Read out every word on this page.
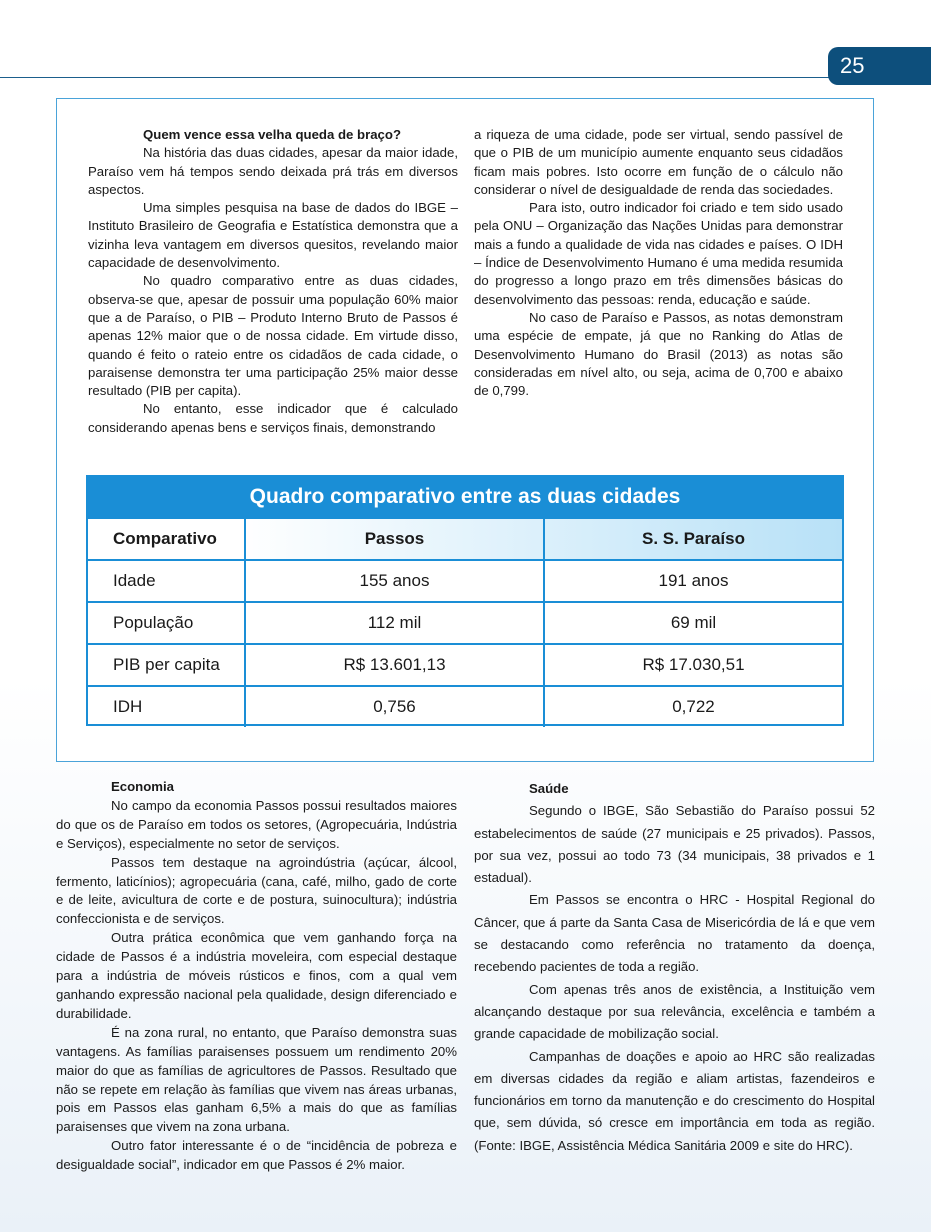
25

Quem vence essa velha queda de braço?

Na história das duas cidades, apesar da maior idade, Paraíso vem há tempos sendo deixada prá trás em diversos aspectos.

Uma simples pesquisa na base de dados do IBGE – Instituto Brasileiro de Geografia e Estatística demonstra que a vizinha leva vantagem em diversos quesitos, revelando maior capacidade de desenvolvimento.

No quadro comparativo entre as duas cidades, observa-se que, apesar de possuir uma população 60% maior que a de Paraíso, o PIB – Produto Interno Bruto de Passos é apenas 12% maior que o de nossa cidade. Em virtude disso, quando é feito o rateio entre os cidadãos de cada cidade, o paraisense demonstra ter uma participação 25% maior desse resultado (PIB per capita).

No entanto, esse indicador que é calculado considerando apenas bens e serviços finais, demonstrando

a riqueza de uma cidade, pode ser virtual, sendo passível de que o PIB de um município aumente enquanto seus cidadãos ficam mais pobres. Isto ocorre em função de o cálculo não considerar o nível de desigualdade de renda das sociedades.

Para isto, outro indicador foi criado e tem sido usado pela ONU – Organização das Nações Unidas para demonstrar mais a fundo a qualidade de vida nas cidades e países. O IDH – Índice de Desenvolvimento Humano é uma medida resumida do progresso a longo prazo em três dimensões básicas do desenvolvimento das pessoas: renda, educação e saúde.

No caso de Paraíso e Passos, as notas demonstram uma espécie de empate, já que no Ranking do Atlas de Desenvolvimento Humano do Brasil (2013) as notas são consideradas em nível alto, ou seja, acima de 0,700 e abaixo de 0,799.

Quadro comparativo entre as duas cidades
Comparativo	Passos	S. S. Paraíso
Idade	155 anos	191 anos
População	112 mil	69 mil
PIB per capita	R$ 13.601,13	R$ 17.030,51
IDH	0,756	0,722

Economia

No campo da economia Passos possui resultados maiores do que os de Paraíso em todos os setores, (Agropecuária, Indústria e Serviços), especialmente no setor de serviços.

Passos tem destaque na agroindústria (açúcar, álcool, fermento, laticínios); agropecuária (cana, café, milho, gado de corte e de leite, avicultura de corte e de postura, suinocultura); indústria confeccionista e de serviços.

Outra prática econômica que vem ganhando força na cidade de Passos é a indústria moveleira, com especial destaque para a indústria de móveis rústicos e finos, com a qual vem ganhando expressão nacional pela qualidade, design diferenciado e durabilidade.

É na zona rural, no entanto, que Paraíso demonstra suas vantagens. As famílias paraisenses possuem um rendimento 20% maior do que as famílias de agricultores de Passos. Resultado que não se repete em relação às famílias que vivem nas áreas urbanas, pois em Passos elas ganham 6,5% a mais do que as famílias paraisenses que vivem na zona urbana.

Outro fator interessante é o de “incidência de pobreza e desigualdade social”, indicador em que Passos é 2% maior.

Saúde

Segundo o IBGE, São Sebastião do Paraíso possui 52 estabelecimentos de saúde (27 municipais e 25 privados). Passos, por sua vez, possui ao todo 73 (34 municipais, 38 privados e 1 estadual).

Em Passos se encontra o HRC - Hospital Regional do Câncer, que á parte da Santa Casa de Misericórdia de lá e que vem se destacando como referência no tratamento da doença, recebendo pacientes de toda a região.

Com apenas três anos de existência, a Instituição vem alcançando destaque por sua relevância, excelência e também a grande capacidade de mobilização social.

Campanhas de doações e apoio ao HRC são realizadas em diversas cidades da região e aliam artistas, fazendeiros e funcionários em torno da manutenção e do crescimento do Hospital que, sem dúvida, só cresce em importância em toda as região. (Fonte: IBGE, Assistência Médica Sanitária 2009 e site do HRC).
